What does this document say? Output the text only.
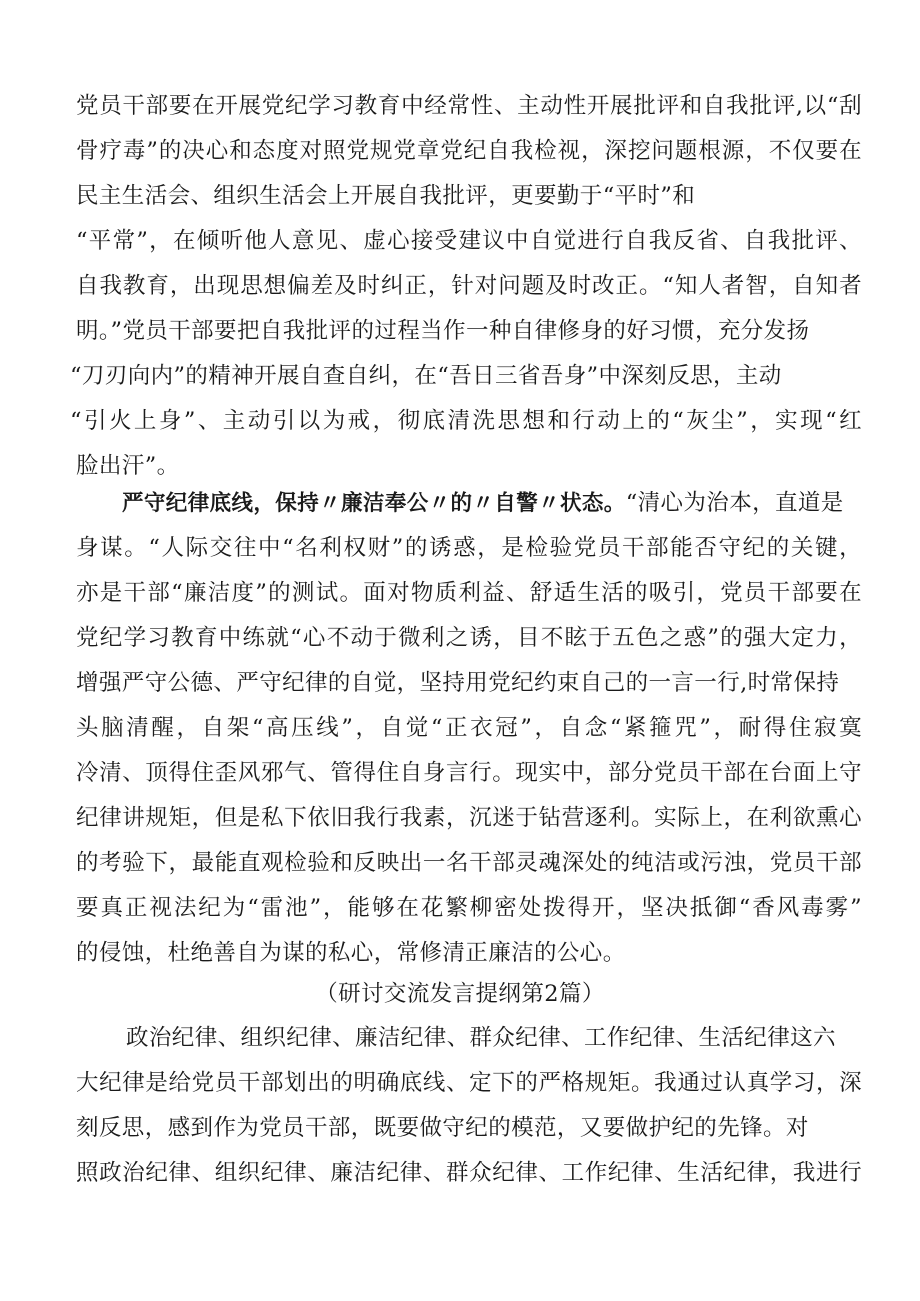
党员干部要在开展党纪学习教育中经常性、主动性开展批评和自我批评,以“刮
骨疗毒”的决心和态度对照党规党章党纪自我检视，深挖问题根源，不仅要在
民主生活会、组织生活会上开展自我批评，更要勤于“平时”和
“平常”，在倾听他人意见、虚心接受建议中自觉进行自我反省、自我批评、
自我教育，出现思想偏差及时纠正，针对问题及时改正。“知人者智，自知者
明。”党员干部要把自我批评的过程当作一种自律修身的好习惯，充分发扬
“刀刃向内”的精神开展自查自纠，在“吾日三省吾身”中深刻反思，主动
“引火上身”、主动引以为戒，彻底清洗思想和行动上的“灰尘”，实现“红
脸出汗”。
严守纪律底线，保持〃廉洁奉公〃的〃自警〃状态。“清心为治本，直道是
身谋。“人际交往中“名利权财”的诱惑，是检验党员干部能否守纪的关键，
亦是干部“廉洁度”的测试。面对物质利益、舒适生活的吸引，党员干部要在
党纪学习教育中练就“心不动于微利之诱，目不眩于五色之惑”的强大定力，
增强严守公德、严守纪律的自觉，坚持用党纪约束自己的一言一行,时常保持
头脑清醒，自架“高压线”，自觉“正衣冠”，自念“紧箍咒”，耐得住寂寞
冷清、顶得住歪风邪气、管得住自身言行。现实中，部分党员干部在台面上守
纪律讲规矩，但是私下依旧我行我素，沉迷于钻营逐利。实际上，在利欲熏心
的考验下，最能直观检验和反映出一名干部灵魂深处的纯洁或污浊，党员干部
要真正视法纪为“雷池”，能够在花繁柳密处拨得开，坚决抵御“香风毒雾”
的侵蚀，杜绝善自为谋的私心，常修清正廉洁的公心。
（研讨交流发言提纲第2篇）
政治纪律、组织纪律、廉洁纪律、群众纪律、工作纪律、生活纪律这六
大纪律是给党员干部划出的明确底线、定下的严格规矩。我通过认真学习，深
刻反思，感到作为党员干部，既要做守纪的模范，又要做护纪的先锋。对
照政治纪律、组织纪律、廉洁纪律、群众纪律、工作纪律、生活纪律，我进行
